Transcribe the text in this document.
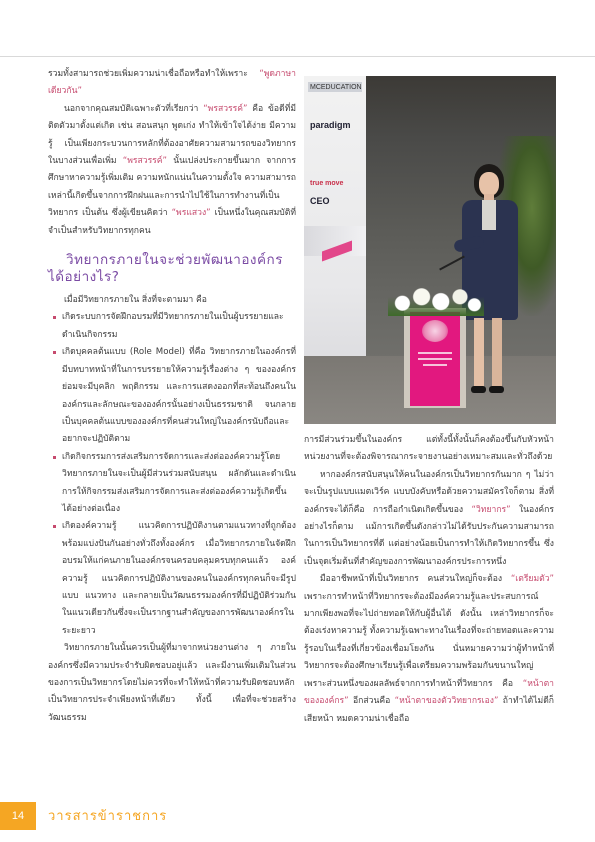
รวมทั้งสามารถช่วยเพิ่มความน่าเชื่อถือหรือทำให้เพราะ “พูดภาษาเดียวกัน”

นอกจากคุณสมบัติเฉพาะตัวที่เรียกว่า “พรสวรรค์” คือ ข้อดีที่มีติดตัวมาตั้งแต่เกิด เช่น สอนสนุก พูดเก่ง ทำให้เข้าใจได้ง่าย มีความรู้ เป็นเพียงกระบวนการหลักที่ต้องอาศัยความสามารถของวิทยากรในบางส่วนเพื่อเพิ่ม “พรสวรรค์” นั้นเปล่งประกายขึ้นมาก จากการศึกษาหาความรู้เพิ่มเติม ความหนักแน่นในความตั้งใจ ความสามารถเหล่านี้เกิดขึ้นจากการฝึกฝนและการนำไปใช้ในการทำงานที่เป็นวิทยากร เป็นต้น ซึ่งผู้เขียนคิดว่า “พรแสวง” เป็นหนึ่งในคุณสมบัติที่จำเป็นสำหรับวิทยากรทุกคน

วิทยากรภายในจะช่วยพัฒนาองค์กร
ได้อย่างไร?

เมื่อมีวิทยากรภายใน สิ่งที่จะตามมา คือ

เกิดระบบการจัดฝึกอบรมที่มีวิทยากรภายในเป็นผู้บรรยายและดำเนินกิจกรรม
เกิดบุคคลต้นแบบ (Role Model) ที่คือ วิทยากรภายในองค์กรที่มีบทบาทหน้าที่ในการบรรยายให้ความรู้เรื่องต่าง ๆ ขององค์กร ย่อมจะมีบุคลิก พฤติกรรม และการแสดงออกที่สะท้อนถึงคนในองค์กรและลักษณะขององค์กรนั้นอย่างเป็นธรรมชาติ จนกลายเป็นบุคคลต้นแบบขององค์กรที่คนส่วนใหญ่ในองค์กรนับถือและอยากจะปฏิบัติตาม
เกิดกิจกรรมการส่งเสริมการจัดการและส่งต่อองค์ความรู้โดยวิทยากรภายในจะเป็นผู้มีส่วนร่วมสนับสนุน ผลักดันและดำเนินการให้กิจกรรมส่งเสริมการจัดการและส่งต่อองค์ความรู้เกิดขึ้นได้อย่างต่อเนื่อง
เกิดองค์ความรู้ แนวคิดการปฏิบัติงานตามแนวทางที่ถูกต้องพร้อมแบ่งปันกันอย่างทั่วถึงทั้งองค์กร เมื่อวิทยากรภายในจัดฝึกอบรมให้แก่คนภายในองค์กรจนครอบคลุมครบทุกคนแล้ว องค์ความรู้ แนวคิดการปฏิบัติงานของคนในองค์กรทุกคนก็จะมีรูปแบบ แนวทาง และกลายเป็นวัฒนธรรมองค์กรที่มีปฏิบัติร่วมกันในแนวเดียวกันซึ่งจะเป็นรากฐานสำคัญของการพัฒนาองค์กรในระยะยาว

วิทยากรภายในนั้นควรเป็นผู้ที่มาจากหน่วยงานต่าง ๆ ภายในองค์กรซึ่งมีความประจำรับผิดชอบอยู่แล้ว และมีงานเพิ่มเติมในส่วนของการเป็นวิทยากรโดยไม่ควรที่จะทำให้หน้าที่ความรับผิดชอบหลักเป็นวิทยากรประจำเพียงหน้าที่เดียว ทั้งนี้ เพื่อที่จะช่วยสร้างวัฒนธรรม

MCEDUCATION
paradigm
true move
CEO

การมีส่วนร่วมขึ้นในองค์กร แต่ทั้งนี้ทั้งนั้นก็คงต้องขึ้นกับหัวหน้าหน่วยงานที่จะต้องพิจารณากระจายงานอย่างเหมาะสมและทั่วถึงด้วย

หากองค์กรสนับสนุนให้คนในองค์กรเป็นวิทยากรกันมาก ๆ ไม่ว่าจะเป็นรูปแบบแมตเวิร์ค แบบบังคับหรือด้วยความสมัครใจก็ตาม สิ่งที่องค์กรจะได้ก็คือ การถือกำเนิดเกิดขึ้นของ “วิทยากร” ในองค์กร อย่างไรก็ตาม แม้การเกิดขึ้นดังกล่าวไม่ได้รับประกันความสามารถในการเป็นวิทยากรที่ดี แต่อย่างน้อยเป็นการทำให้เกิดวิทยากรขึ้น ซึ่งเป็นจุดเริ่มต้นที่สำคัญของการพัฒนาองค์กรประการหนึ่ง

มืออาชีพหน้าที่เป็นวิทยากร คนส่วนใหญ่ก็จะต้อง “เตรียมตัว” เพราะการทำหน้าที่วิทยากรจะต้องมีองค์ความรู้และประสบการณ์มากเพียงพอที่จะไปถ่ายทอดให้กับผู้อื่นได้ ดังนั้น เหล่าวิทยากรก็จะต้องเร่งหาความรู้ ทั้งความรู้เฉพาะทางในเรื่องที่จะถ่ายทอดและความรู้รอบในเรื่องที่เกี่ยวข้องเชื่อมโยงกัน นั่นหมายความว่าผู้ทำหน้าที่วิทยากรจะต้องศึกษาเรียนรู้เพื่อเตรียมความพร้อมกันขนานใหญ่ เพราะส่วนหนึ่งของผลลัพธ์จากการทำหน้าที่วิทยากร คือ “หน้าตาขององค์กร” อีกส่วนคือ “หน้าตาของตัววิทยากรเอง” ถ้าทำได้ไม่ดีก็เสียหน้า หมดความน่าเชื่อถือ

14	วารสารข้าราชการ
